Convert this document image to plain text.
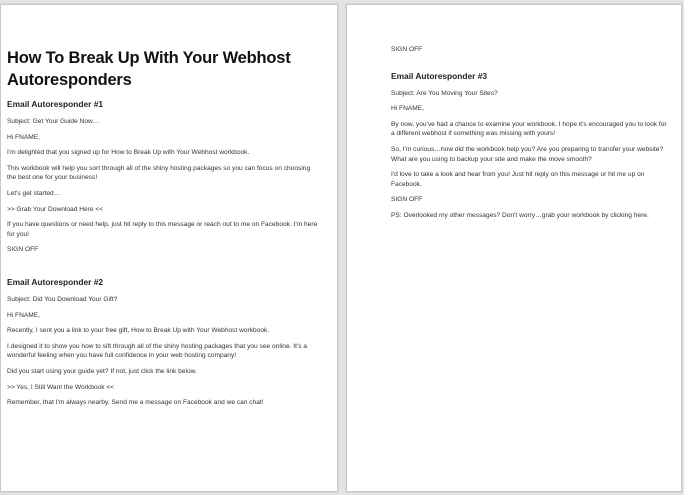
How To Break Up With Your Webhost Autoresponders
Email Autoresponder #1

Subject: Get Your Guide Now…

Hi FNAME,

I'm delighted that you signed up for How to Break Up with Your Webhost workbook.

This workbook will help you sort through all of the shiny hosting packages so you can focus on choosing the best one for your business!

Let's get started…

>> Grab Your Download Here <<

If you have questions or need help, just hit reply to this message or reach out to me on Facebook. I'm here for you!

SIGN OFF

Email Autoresponder #2

Subject: Did You Download Your Gift?

Hi FNAME,

Recently, I sent you a link to your free gift, How to Break Up with Your Webhost workbook.

I designed it to show you how to sift through all of the shiny hosting packages that you see online. It's a wonderful feeling when you have full confidence in your web hosting company!

Did you start using your guide yet? If not, just click the link below.

>> Yes, I Still Want the Workbook <<

Remember, that I'm always nearby. Send me a message on Facebook and we can chat!

SIGN OFF

Email Autoresponder #3

Subject: Are You Moving Your Sites?

Hi FNAME,

By now, you've had a chance to examine your workbook. I hope it's encouraged you to look for a different webhost if something was missing with yours!

So, I'm curious…how did the workbook help you? Are you preparing to transfer your website? What are you using to backup your site and make the move smooth?

I'd love to take a look and hear from you! Just hit reply on this message or hit me up on Facebook.

SIGN OFF

PS: Overlooked my other messages? Don't worry…grab your workbook by clicking here.
